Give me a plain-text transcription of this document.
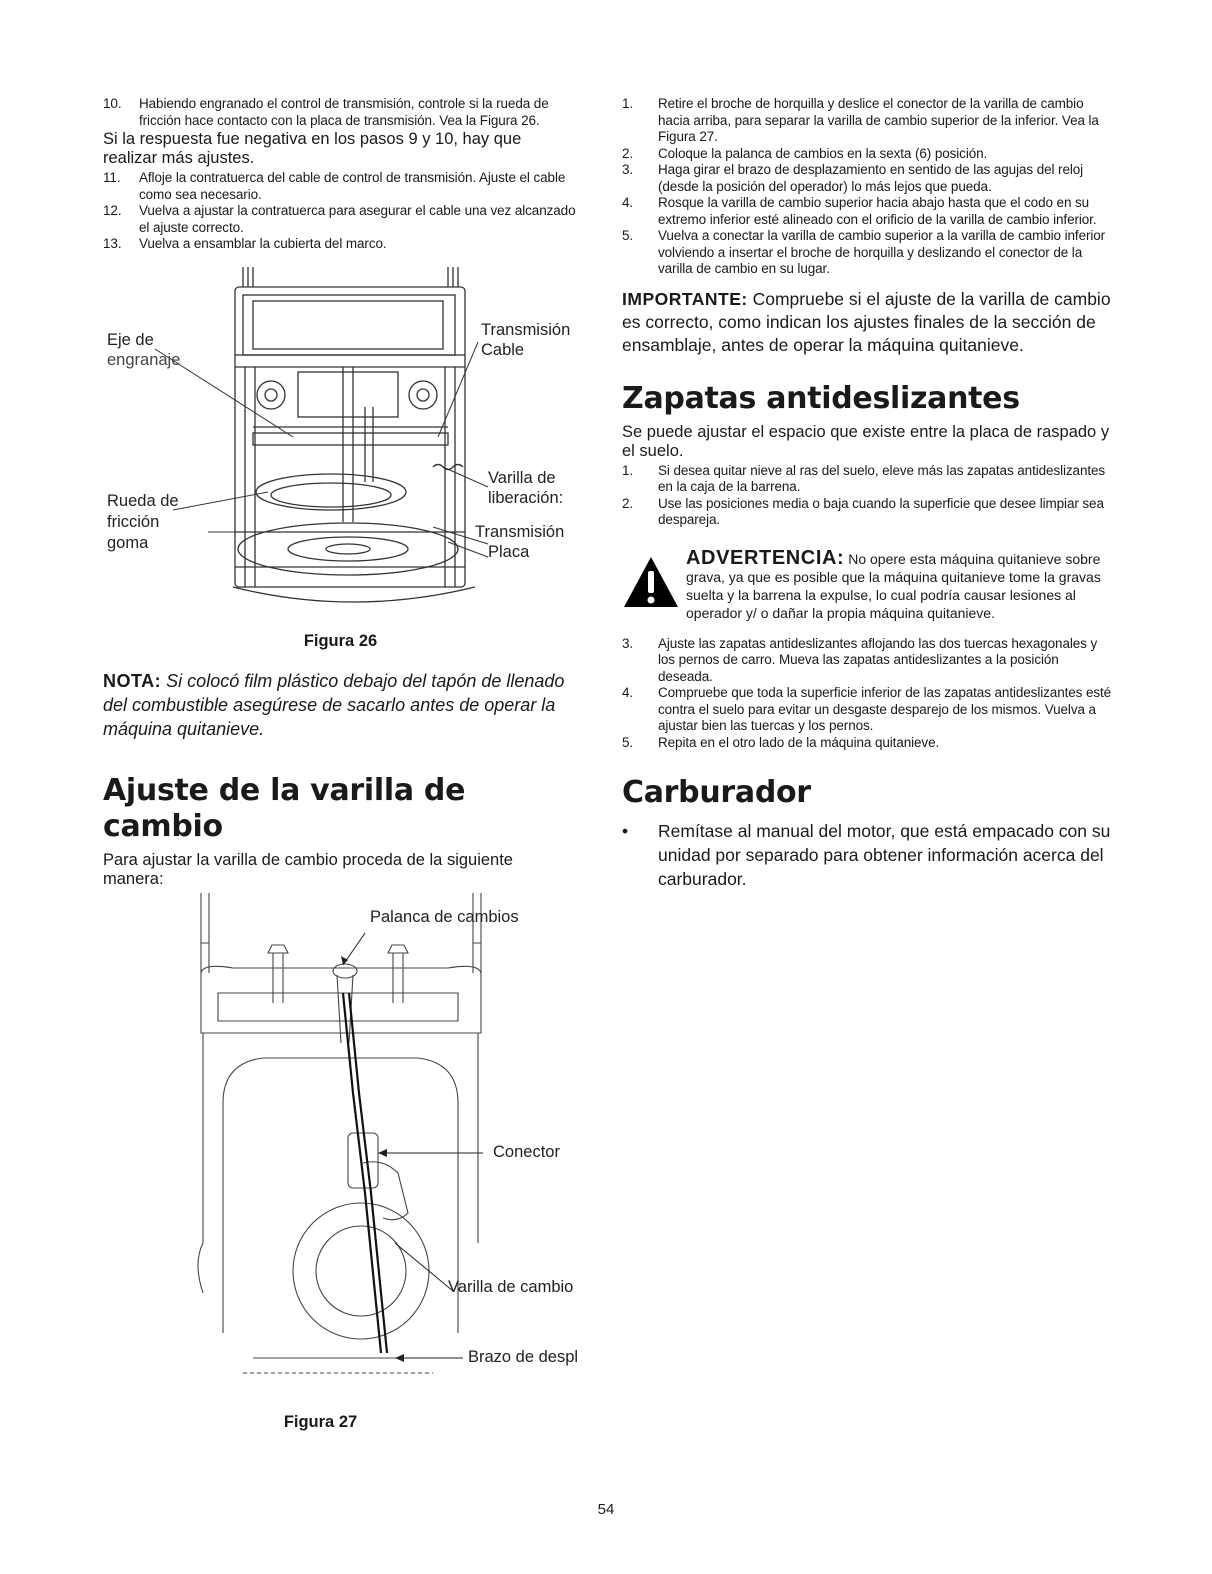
10.	Habiendo engranado el control de transmisión, controle si la rueda de fricción hace contacto con la placa de transmisión. Vea la Figura 26.

Si la respuesta fue negativa en los pasos 9 y 10, hay que realizar más ajustes.

11.	Afloje la contratuerca del cable de control de transmisión. Ajuste el cable como sea necesario.
12.	Vuelva a ajustar la contratuerca para asegurar el cable una vez alcanzado el ajuste correcto.
13.	Vuelva a ensamblar la cubierta del marco.
Eje de
engranaje
Transmisión
Cable
Varilla de
liberación:
Rueda de
fricción
goma
Transmisión
Placa
Figura 26

NOTA: Si colocó film plástico debajo del tapón de llenado del combustible asegúrese de sacarlo antes de operar la máquina quitanieve.

Ajuste de la varilla de cambio

Para ajustar la varilla de cambio proceda de la siguiente manera:

Palanca de cambios
Conector
Varilla de cambio
Brazo de despl
Figura 27
1.	Retire el broche de horquilla y deslice el conector de la varilla de cambio hacia arriba, para separar la varilla de cambio superior de la inferior. Vea la Figura 27.
2.	Coloque la palanca de cambios en la sexta (6) posición.
3.	Haga girar el brazo de desplazamiento en sentido de las agujas del reloj (desde la posición del operador) lo más lejos que pueda.
4.	Rosque la varilla de cambio superior hacia abajo hasta que el codo en su extremo inferior esté alineado con el orificio de la varilla de cambio inferior.
5.	Vuelva a conectar la varilla de cambio superior a la varilla de cambio inferior volviendo a insertar el broche de horquilla y deslizando el conector de la varilla de cambio en su lugar.

IMPORTANTE: Compruebe si el ajuste de la varilla de cambio es correcto, como indican los ajustes finales de la sección de ensamblaje, antes de operar la máquina quitanieve.

Zapatas antideslizantes

Se puede ajustar el espacio que existe entre la placa de raspado y el suelo.

1.	Si desea quitar nieve al ras del suelo, eleve más las zapatas antideslizantes en la caja de la barrena.
2.	Use las posiciones media o baja cuando la superficie que desee limpiar sea despareja.
ADVERTENCIA: No opere esta máquina quitanieve sobre grava, ya que es posible que la máquina quitanieve tome la gravas suelta y la barrena la expulse, lo cual podría causar lesiones al operador y/ o dañar la propia máquina quitanieve.
3.	Ajuste las zapatas antideslizantes aflojando las dos tuercas hexagonales y los pernos de carro. Mueva las zapatas antideslizantes a la posición deseada.
4.	Compruebe que toda la superficie inferior de las zapatas antideslizantes esté contra el suelo para evitar un desgaste desparejo de los mismos. Vuelva a ajustar bien las tuercas y los pernos.
5.	Repita en el otro lado de la máquina quitanieve.
Carburador
•	Remítase al manual del motor, que está empacado con su unidad por separado para obtener información acerca del carburador.
54
